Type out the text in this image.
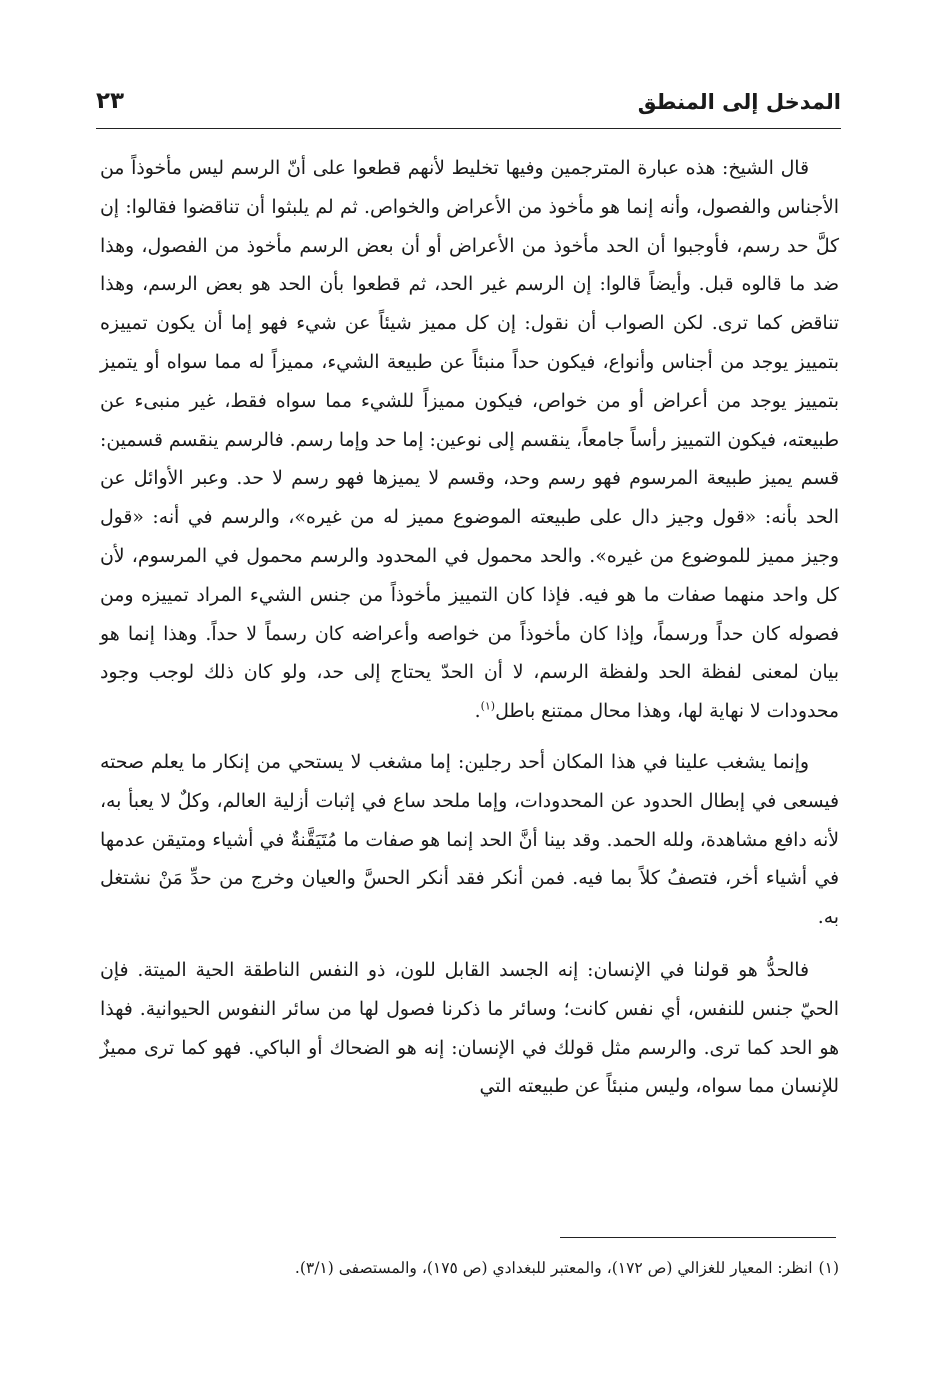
المدخل إلى المنطق
٢٣

قال الشيخ: هذه عبارة المترجمين وفيها تخليط لأنهم قطعوا على أنّ الرسم ليس مأخوذاً من الأجناس والفصول، وأنه إنما هو مأخوذ من الأعراض والخواص. ثم لم يلبثوا أن تناقضوا فقالوا: إن كلَّ حد رسم، فأوجبوا أن الحد مأخوذ من الأعراض أو أن بعض الرسم مأخوذ من الفصول، وهذا ضد ما قالوه قبل. وأيضاً قالوا: إن الرسم غير الحد، ثم قطعوا بأن الحد هو بعض الرسم، وهذا تناقض كما ترى. لكن الصواب أن نقول: إن كل مميز شيئاً عن شيء فهو إما أن يكون تمييزه بتمييز يوجد من أجناس وأنواع، فيكون حداً منبئاً عن طبيعة الشيء، مميزاً له مما سواه أو يتميز بتمييز يوجد من أعراض أو من خواص، فيكون مميزاً للشيء مما سواه فقط، غير منبىء عن طبيعته، فيكون التمييز رأساً جامعاً، ينقسم إلى نوعين: إما حد وإما رسم. فالرسم ينقسم قسمين: قسم يميز طبيعة المرسوم فهو رسم وحد، وقسم لا يميزها فهو رسم لا حد. وعبر الأوائل عن الحد بأنه: «قول وجيز دال على طبيعته الموضوع مميز له من غيره»، والرسم في أنه: «قول وجيز مميز للموضوع من غيره». والحد محمول في المحدود والرسم محمول في المرسوم، لأن كل واحد منهما صفات ما هو فيه. فإذا كان التمييز مأخوذاً من جنس الشيء المراد تمييزه ومن فصوله كان حداً ورسماً، وإذا كان مأخوذاً من خواصه وأعراضه كان رسماً لا حداً. وهذا إنما هو بيان لمعنى لفظة الحد ولفظة الرسم، لا أن الحدّ يحتاج إلى حد، ولو كان ذلك لوجب وجود محدودات لا نهاية لها، وهذا محال ممتنع باطل$^{(١)}$.

وإنما يشغب علينا في هذا المكان أحد رجلين: إما مشغب لا يستحي من إنكار ما يعلم صحته فيسعى في إبطال الحدود عن المحدودات، وإما ملحد ساع في إثبات أزلية العالم، وكلٌ لا يعبأ به، لأنه دافع مشاهدة، ولله الحمد. وقد بينا أنَّ الحد إنما هو صفات ما مُتَيَقَّنةٌ في أشياء ومتيقن عدمها في أشياء أخر، فتصفُ كلاً بما فيه. فمن أنكر فقد أنكر الحسَّ والعيان وخرج من حدِّ مَنْ نشتغل به.

فالحدُّ هو قولنا في الإنسان: إنه الجسد القابل للون، ذو النفس الناطقة الحية الميتة. فإن الحيّ جنس للنفس، أي نفس كانت؛ وسائر ما ذكرنا فصول لها من سائر النفوس الحيوانية. فهذا هو الحد كما ترى. والرسم مثل قولك في الإنسان: إنه هو الضحاك أو الباكي. فهو كما ترى مميزٌ للإنسان مما سواه، وليس منبئاً عن طبيعته التي

(١)انظر: المعيار للغزالي (ص ١٧٢)، والمعتبر للبغدادي (ص ١٧٥)، والمستصفى (٣/١).
